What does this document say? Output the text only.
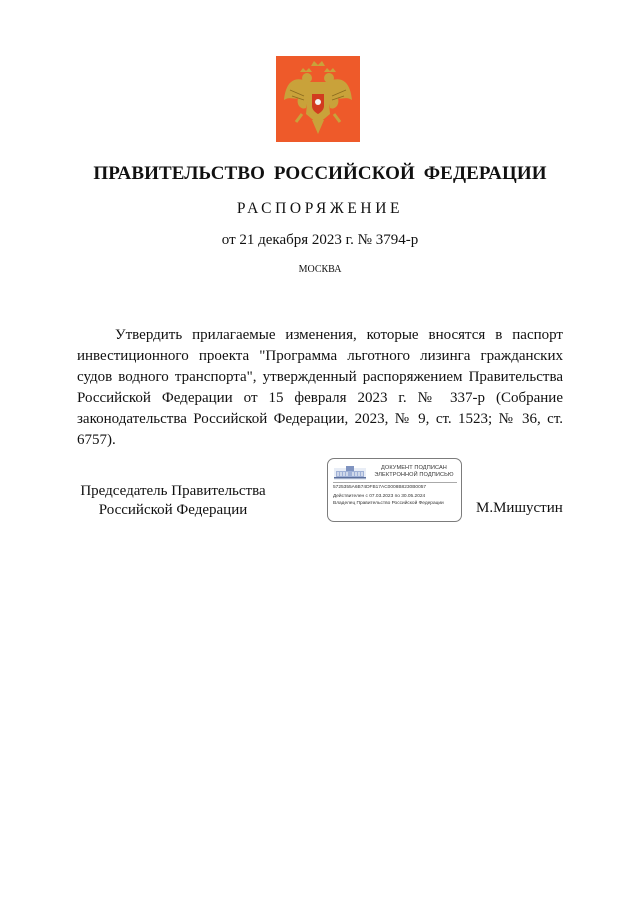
ПРАВИТЕЛЬСТВО РОССИЙСКОЙ ФЕДЕРАЦИИ
РАСПОРЯЖЕНИЕ
от 21 декабря 2023 г. № 3794-р
МОСКВА

Утвердить прилагаемые изменения, которые вносятся в паспорт инвестиционного проекта "Программа льготного лизинга гражданских судов водного транспорта", утвержденный распоряжением Правительства Российской Федерации от 15 февраля 2023 г. № 337-р (Собрание законодательства Российской Федерации, 2023, № 9, ст. 1523; № 36, ст. 6757).

Председатель Правительства
Российской Федерации
ДОКУМЕНТ ПОДПИСАН
ЭЛЕКТРОННОЙ ПОДПИСЬЮ
5725355A6B74DFB17AC0008B8230B0057
Действителен с 07.03.2023 по 30.05.2024
Владелец Правительство Российской Федерации	М.Мишустин
